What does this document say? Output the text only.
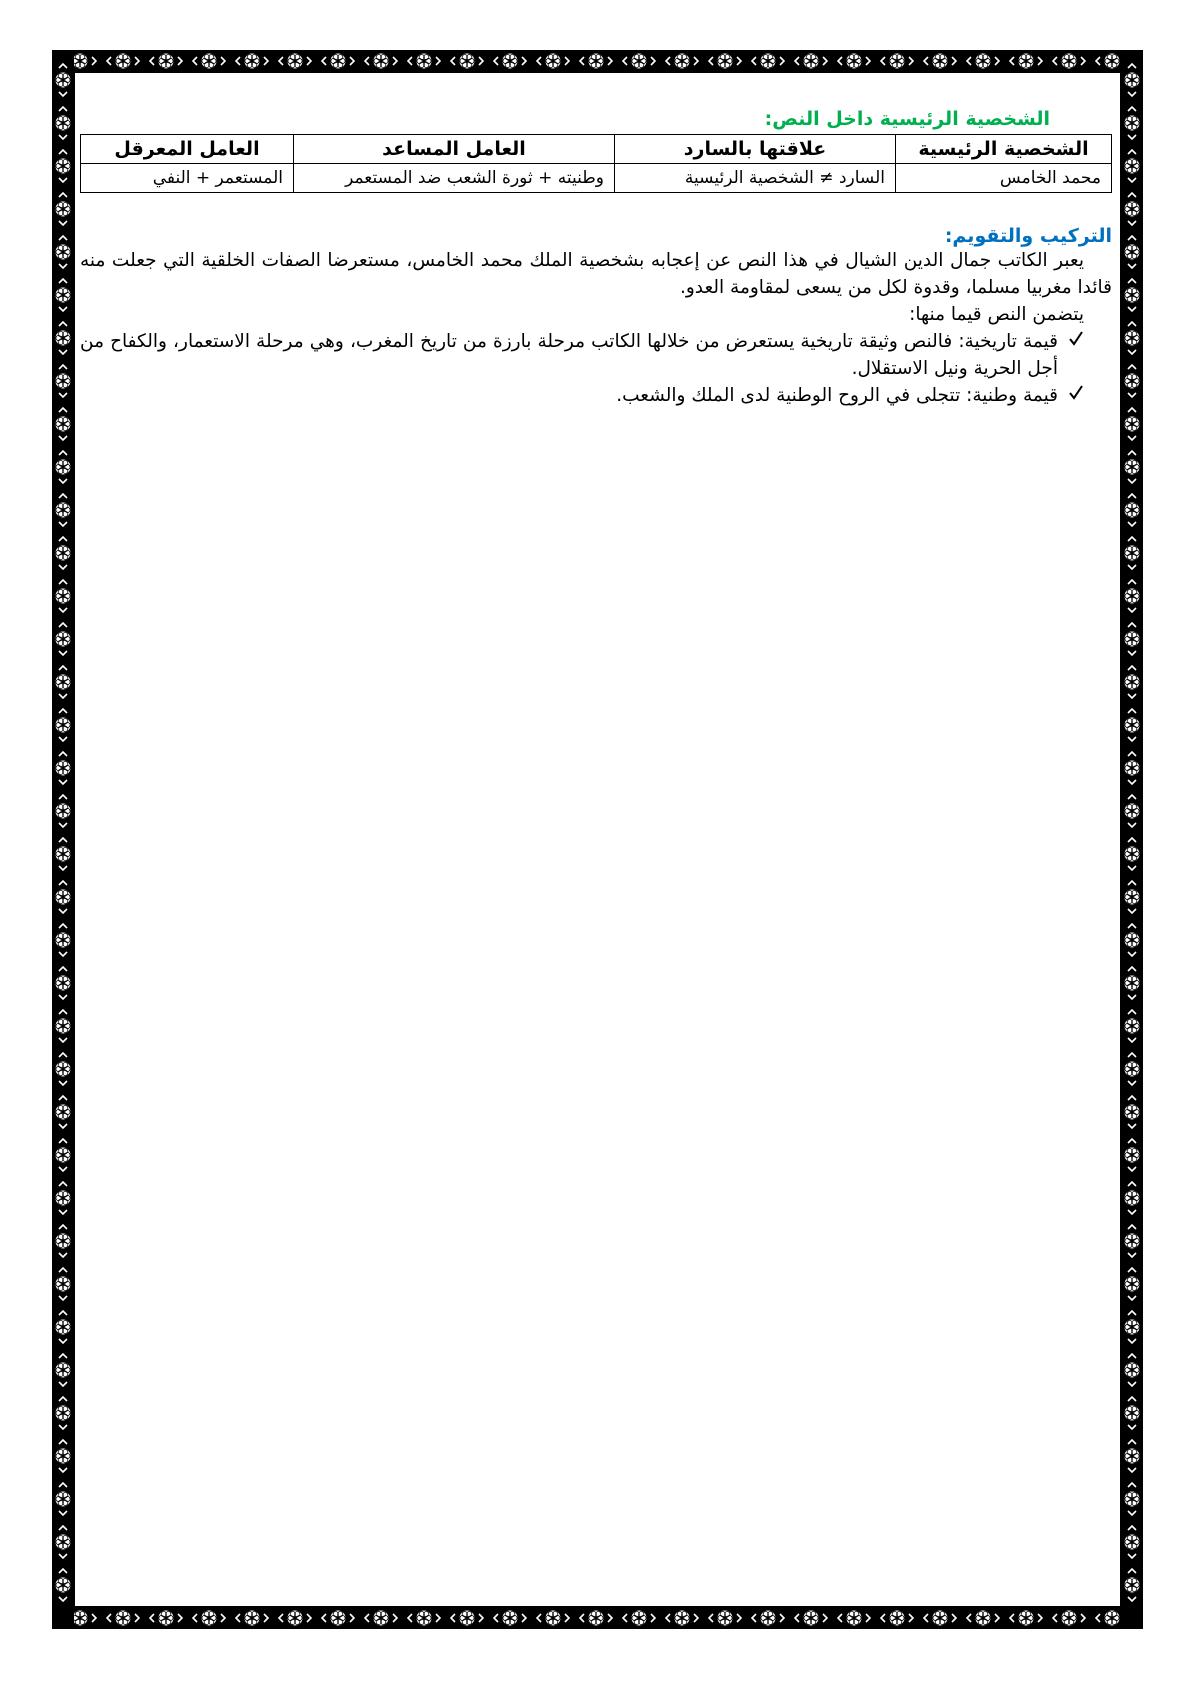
الشخصية الرئيسية داخل النص:
الشخصية الرئيسية	علاقتها بالسارد	العامل المساعد	العامل المعرقل
محمد الخامس	السارد ≠ الشخصية الرئيسية	وطنيته + ثورة الشعب ضد المستعمر	المستعمر + النفي
التركيب والتقويم:

يعبر الكاتب جمال الدين الشيال في هذا النص عن إعجابه بشخصية الملك محمد الخامس، مستعرضا الصفات الخلقية التي جعلت منه قائدا مغربيا مسلما، وقدوة لكل من يسعى لمقاومة العدو.

يتضمن النص قيما منها:

قيمة تاريخية: فالنص وثيقة تاريخية يستعرض من خلالها الكاتب مرحلة بارزة من تاريخ المغرب، وهي مرحلة الاستعمار، والكفاح من أجل الحرية ونيل الاستقلال.
قيمة وطنية: تتجلى في الروح الوطنية لدى الملك والشعب.
